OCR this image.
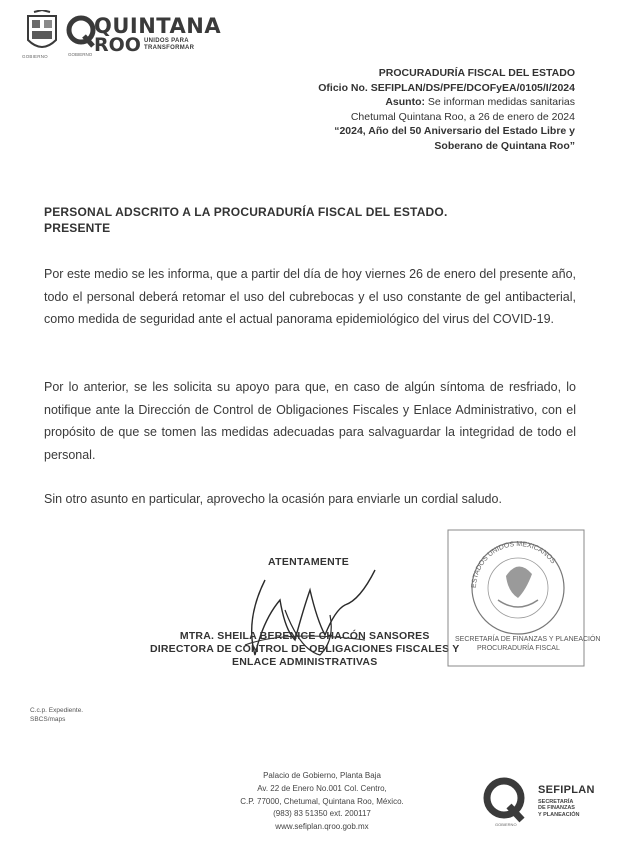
GOBIERNO
QUINTANA
ROO UNIDOS PARA
TRANSFORMAR
GOBIERNO
PROCURADURÍA FISCAL DEL ESTADO
Oficio No. SEFIPLAN/DS/PFE/DCOFyEA/0105/I/2024
Asunto: Se informan medidas sanitarias
Chetumal Quintana Roo, a 26 de enero de 2024
“2024, Año del 50 Aniversario del Estado Libre y
Soberano de Quintana Roo”
PERSONAL ADSCRITO A LA PROCURADURÍA FISCAL DEL ESTADO.
PRESENTE
Por este medio se les informa, que a partir del día de hoy viernes 26 de enero del presente año, todo el personal deberá retomar el uso del cubrebocas y el uso constante de gel antibacterial, como medida de seguridad ante el actual panorama epidemiológico del virus del COVID-19.
Por lo anterior, se les solicita su apoyo para que, en caso de algún síntoma de resfriado, lo notifique ante la Dirección de Control de Obligaciones Fiscales y Enlace Administrativo, con el propósito de que se tomen las medidas adecuadas para salvaguardar la integridad de todo el personal.
Sin otro asunto en particular, aprovecho la ocasión para enviarle un cordial saludo.
ATENTAMENTE
MTRA. SHEILA BERENICE CHACÓN SANSORES
DIRECTORA DE CONTROL DE OBLIGACIONES FISCALES Y
ENLACE ADMINISTRATIVAS
ESTADOS UNIDOS MEXICANOS
SECRETARÍA DE FINANZAS Y PLANEACIÓN
PROCURADURÍA FISCAL
C.c.p. Expediente.
SBCS/maps
Palacio de Gobierno, Planta Baja
Av. 22 de Enero No.001 Col. Centro,
C.P. 77000, Chetumal, Quintana Roo, México.
(983) 83 51350 ext. 200117
www.sefiplan.qroo.gob.mx
SEFIPLAN
SECRETARÍA
DE FINANZAS
Y PLANEACIÓN
GOBIERNO
